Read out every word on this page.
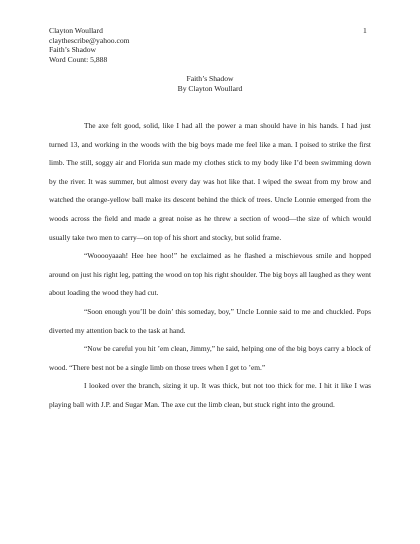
Clayton Woullard
claythescribe@yahoo.com
Faith’s Shadow
Word Count: 5,888
1
Faith’s Shadow
By Clayton Woullard

The axe felt good, solid, like I had all the power a man should have in his hands. I had just turned 13, and working in the woods with the big boys made me feel like a man. I poised to strike the first limb. The still, soggy air and Florida sun made my clothes stick to my body like I’d been swimming down by the river. It was summer, but almost every day was hot like that. I wiped the sweat from my brow and watched the orange-yellow ball make its descent behind the thick of trees. Uncle Lonnie emerged from the woods across the field and made a great noise as he threw a section of wood—the size of which would usually take two men to carry—on top of his short and stocky, but solid frame.

“Wooooyaaah! Hee hee hoo!” he exclaimed as he flashed a mischievous smile and hopped around on just his right leg, patting the wood on top his right shoulder. The big boys all laughed as they went about loading the wood they had cut.

“Soon enough you’ll be doin’ this someday, boy,” Uncle Lonnie said to me and chuckled. Pops diverted my attention back to the task at hand.

“Now be careful you hit ’em clean, Jimmy,” he said, helping one of the big boys carry a block of wood. “There best not be a single limb on those trees when I get to ’em.”

I looked over the branch, sizing it up. It was thick, but not too thick for me. I hit it like I was playing ball with J.P. and Sugar Man. The axe cut the limb clean, but stuck right into the ground.
